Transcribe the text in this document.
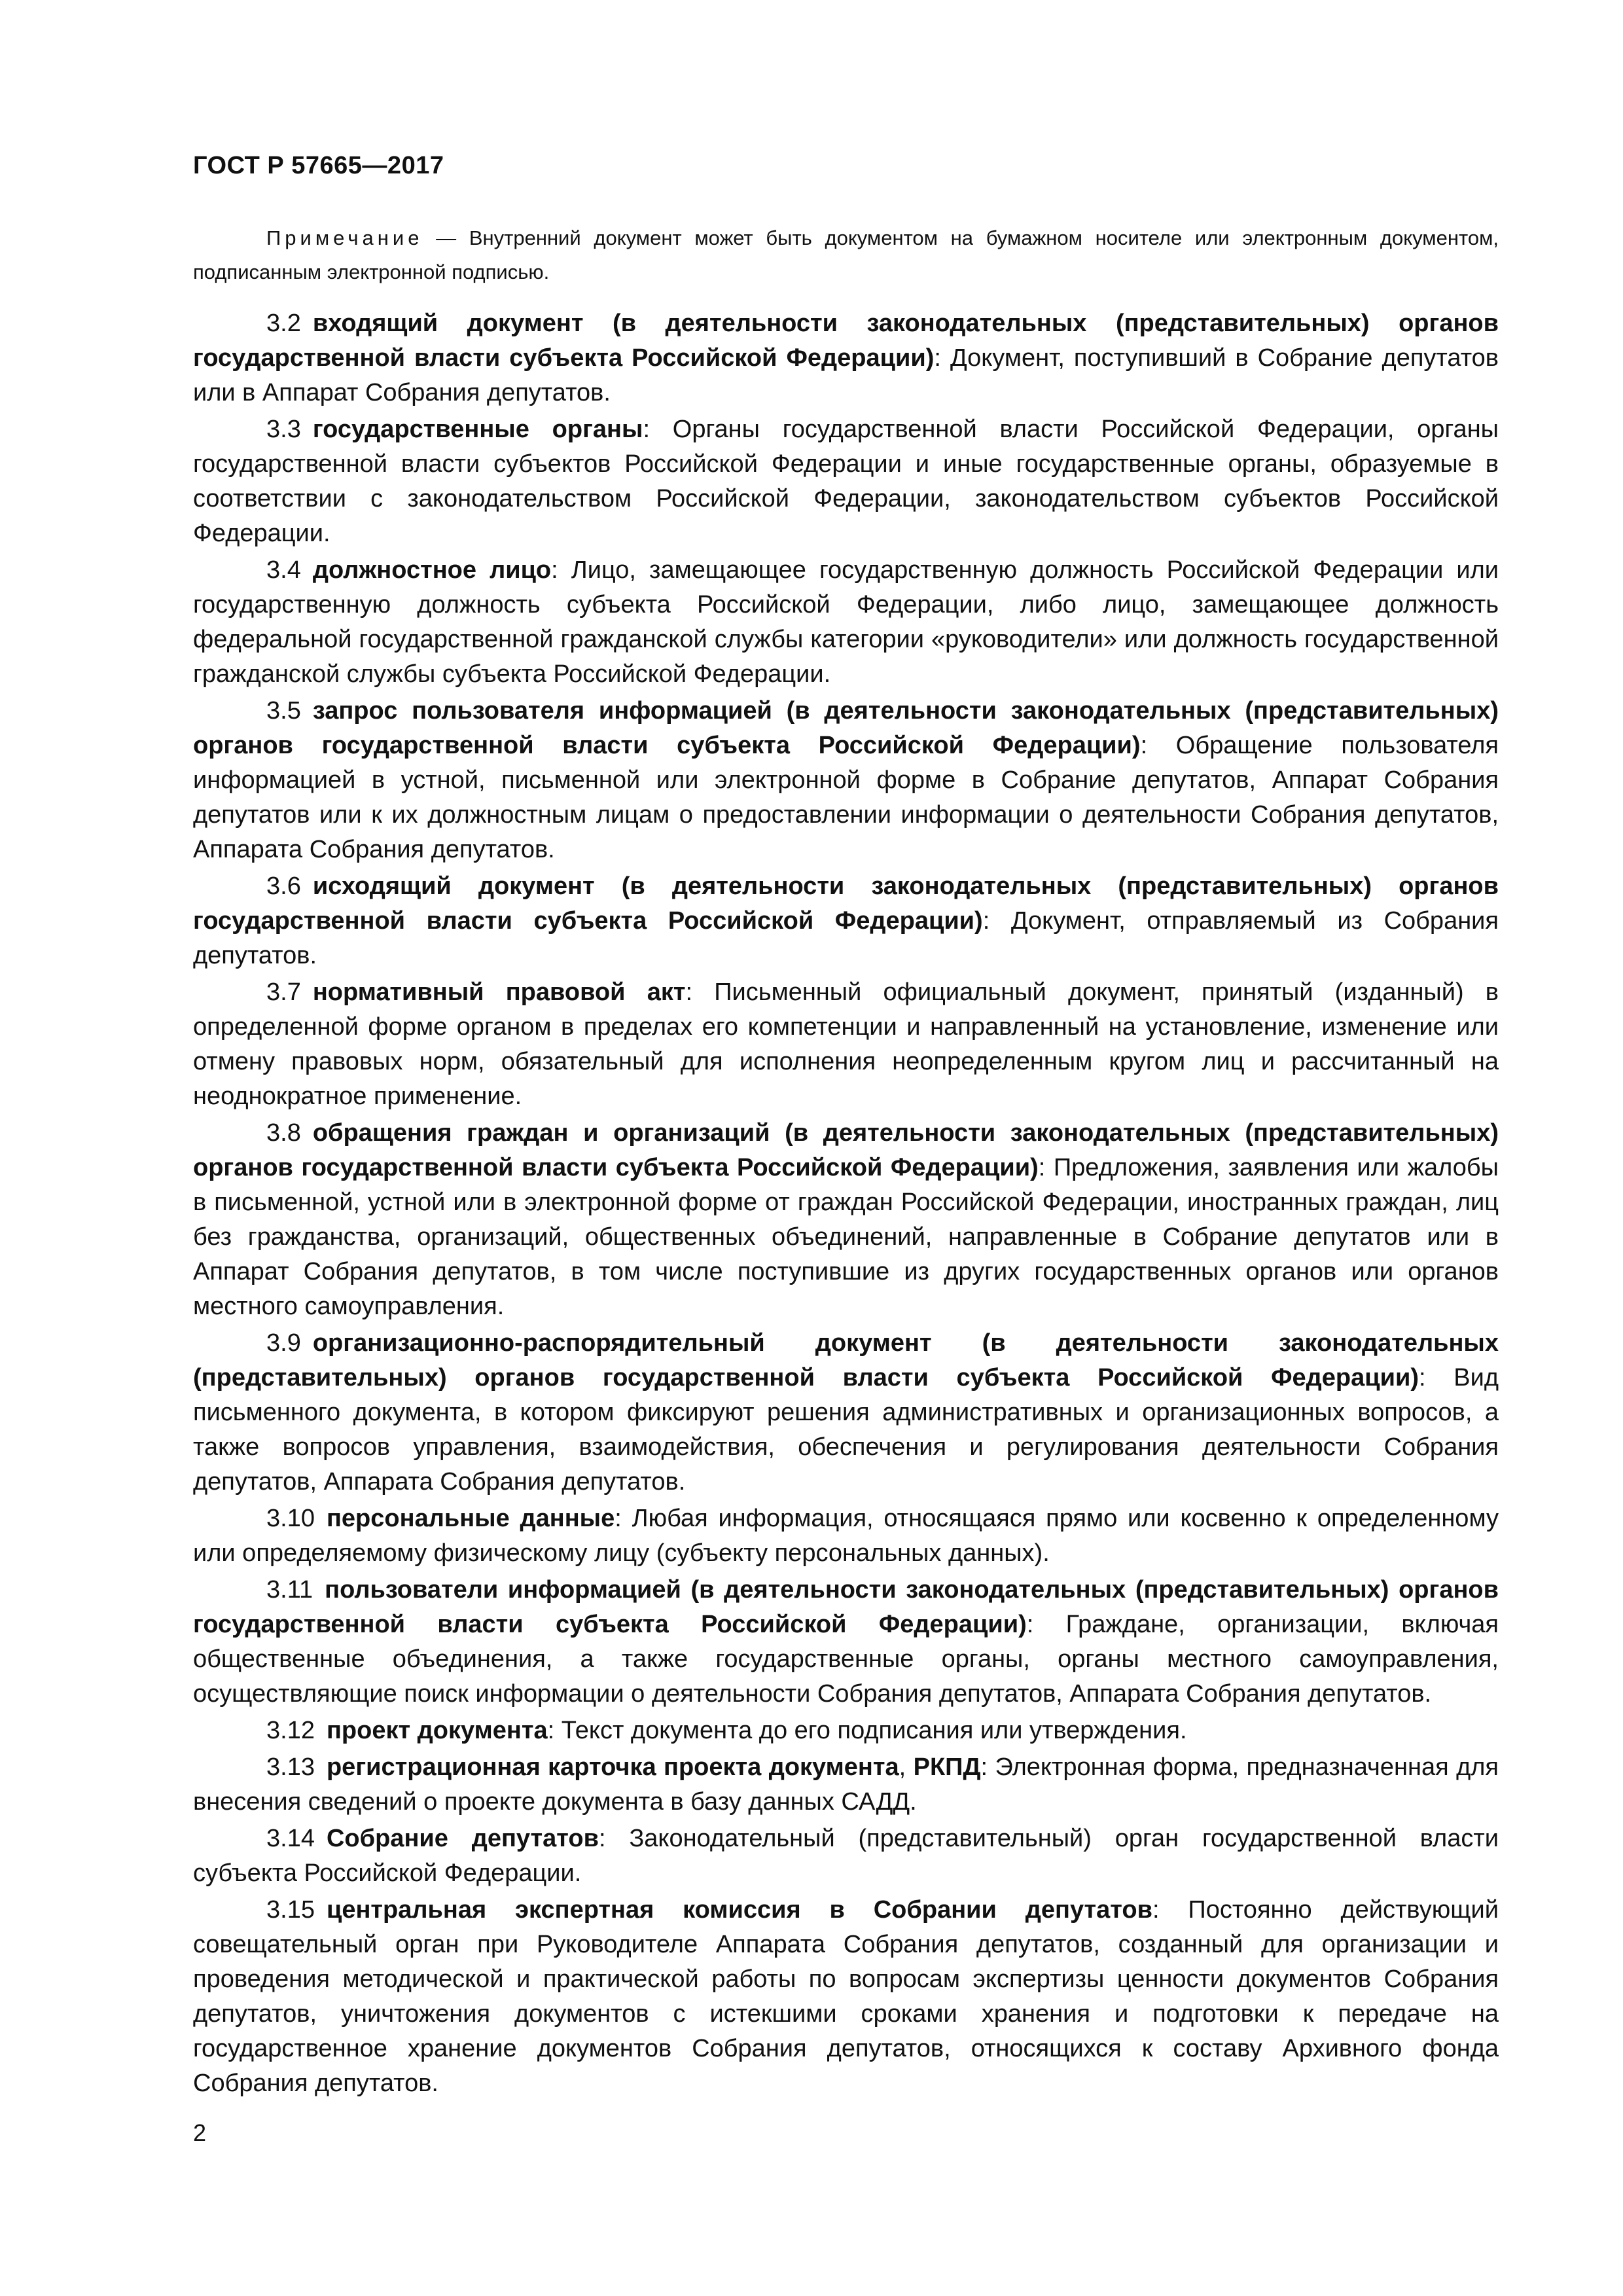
ГОСТ Р 57665—2017

Примечание — Внутренний документ может быть документом на бумажном носителе или электронным документом, подписанным электронной подписью.

3.2 входящий документ (в деятельности законодательных (представительных) органов государственной власти субъекта Российской Федерации): Документ, поступивший в Собрание депутатов или в Аппарат Собрания депутатов.

3.3 государственные органы: Органы государственной власти Российской Федерации, органы государственной власти субъектов Российской Федерации и иные государственные органы, образуемые в соответствии с законодательством Российской Федерации, законодательством субъектов Российской Федерации.

3.4 должностное лицо: Лицо, замещающее государственную должность Российской Федерации или государственную должность субъекта Российской Федерации, либо лицо, замещающее должность федеральной государственной гражданской службы категории «руководители» или должность государственной гражданской службы субъекта Российской Федерации.

3.5 запрос пользователя информацией (в деятельности законодательных (представительных) органов государственной власти субъекта Российской Федерации): Обращение пользователя информацией в устной, письменной или электронной форме в Собрание депутатов, Аппарат Собрания депутатов или к их должностным лицам о предоставлении информации о деятельности Собрания депутатов, Аппарата Собрания депутатов.

3.6 исходящий документ (в деятельности законодательных (представительных) органов государственной власти субъекта Российской Федерации): Документ, отправляемый из Собрания депутатов.

3.7 нормативный правовой акт: Письменный официальный документ, принятый (изданный) в определенной форме органом в пределах его компетенции и направленный на установление, изменение или отмену правовых норм, обязательный для исполнения неопределенным кругом лиц и рассчитанный на неоднократное применение.

3.8 обращения граждан и организаций (в деятельности законодательных (представительных) органов государственной власти субъекта Российской Федерации): Предложения, заявления или жалобы в письменной, устной или в электронной форме от граждан Российской Федерации, иностранных граждан, лиц без гражданства, организаций, общественных объединений, направленные в Собрание депутатов или в Аппарат Собрания депутатов, в том числе поступившие из других государственных органов или органов местного самоуправления.

3.9 организационно-распорядительный документ (в деятельности законодательных (представительных) органов государственной власти субъекта Российской Федерации): Вид письменного документа, в котором фиксируют решения административных и организационных вопросов, а также вопросов управления, взаимодействия, обеспечения и регулирования деятельности Собрания депутатов, Аппарата Собрания депутатов.

3.10 персональные данные: Любая информация, относящаяся прямо или косвенно к определенному или определяемому физическому лицу (субъекту персональных данных).

3.11 пользователи информацией (в деятельности законодательных (представительных) органов государственной власти субъекта Российской Федерации): Граждане, организации, включая общественные объединения, а также государственные органы, органы местного самоуправления, осуществляющие поиск информации о деятельности Собрания депутатов, Аппарата Собрания депутатов.

3.12 проект документа: Текст документа до его подписания или утверждения.

3.13 регистрационная карточка проекта документа, РКПД: Электронная форма, предназначенная для внесения сведений о проекте документа в базу данных САДД.

3.14 Собрание депутатов: Законодательный (представительный) орган государственной власти субъекта Российской Федерации.

3.15 центральная экспертная комиссия в Собрании депутатов: Постоянно действующий совещательный орган при Руководителе Аппарата Собрания депутатов, созданный для организации и проведения методической и практической работы по вопросам экспертизы ценности документов Собрания депутатов, уничтожения документов с истекшими сроками хранения и подготовки к передаче на государственное хранение документов Собрания депутатов, относящихся к составу Архивного фонда Собрания депутатов.

2
